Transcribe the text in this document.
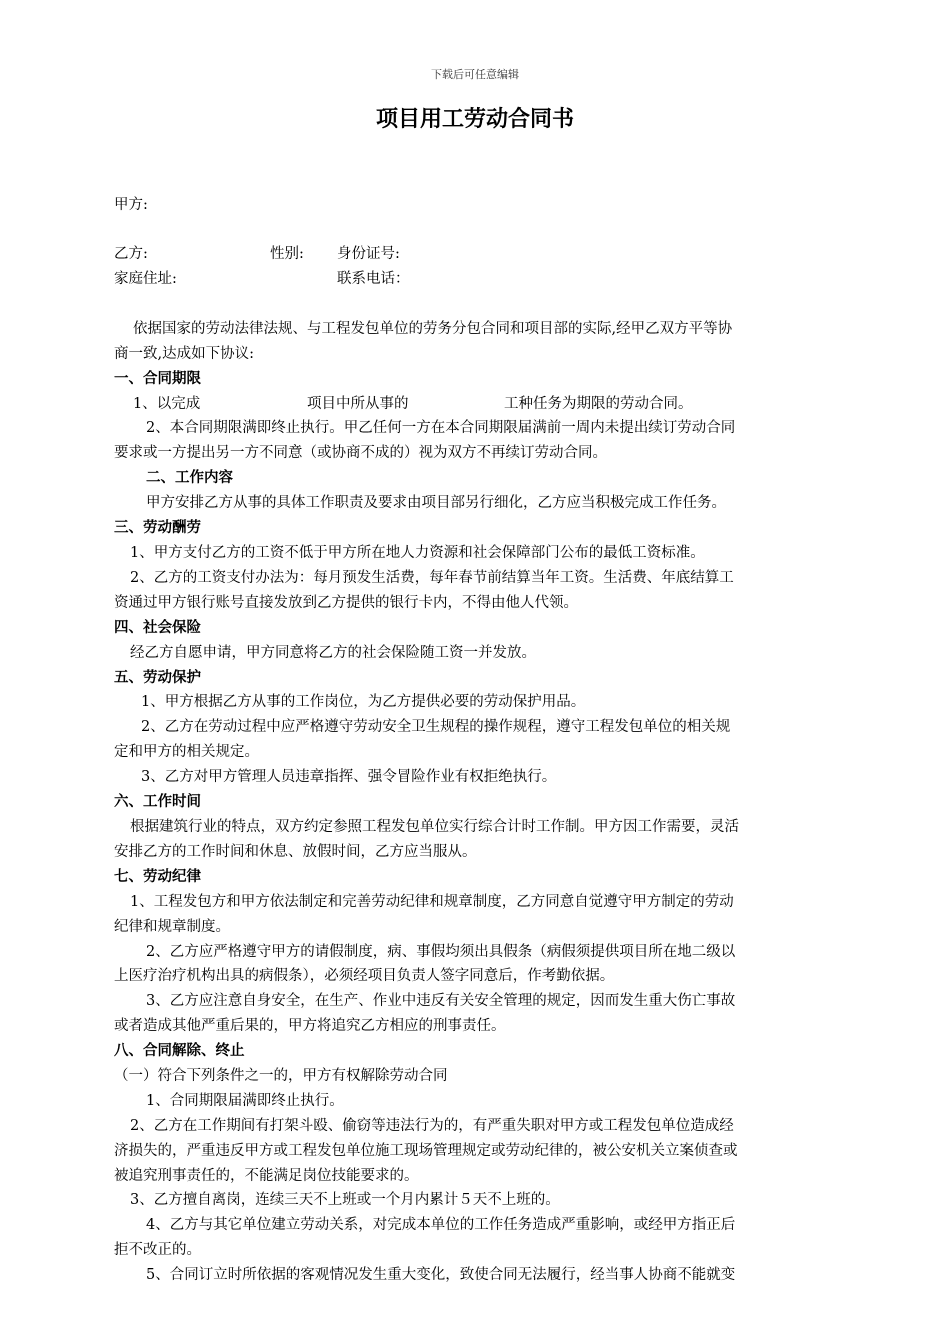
下载后可任意编辑
项目用工劳动合同书
甲方:
乙方:	性别: 身份证号:
家庭住址:	联系电话：
依据国家的劳动法律法规、与工程发包单位的劳务分包合同和项目部的实际,经甲乙双方平等协
商一致,达成如下协议:
一、合同期限
1、以完成	项目中所从事的	工种任务为期限的劳动合同。
2、本合同期限满即终止执行。甲乙任何一方在本合同期限届满前一周内未提出续订劳动合同
要求或一方提出另一方不同意（或协商不成的）视为双方不再续订劳动合同。
二、工作内容
甲方安排乙方从事的具体工作职责及要求由项目部另行细化，乙方应当积极完成工作任务。
三、劳动酬劳
1、甲方支付乙方的工资不低于甲方所在地人力资源和社会保障部门公布的最低工资标准。
2、乙方的工资支付办法为：每月预发生活费，每年春节前结算当年工资。生活费、年底结算工
资通过甲方银行账号直接发放到乙方提供的银行卡内，不得由他人代领。
四、社会保险
经乙方自愿申请，甲方同意将乙方的社会保险随工资一并发放。
五、劳动保护
1、甲方根据乙方从事的工作岗位，为乙方提供必要的劳动保护用品。
2、乙方在劳动过程中应严格遵守劳动安全卫生规程的操作规程，遵守工程发包单位的相关规
定和甲方的相关规定。
3、乙方对甲方管理人员违章指挥、强令冒险作业有权拒绝执行。
六、工作时间
根据建筑行业的特点，双方约定参照工程发包单位实行综合计时工作制。甲方因工作需要，灵活
安排乙方的工作时间和休息、放假时间，乙方应当服从。
七、劳动纪律
1、工程发包方和甲方依法制定和完善劳动纪律和规章制度，乙方同意自觉遵守甲方制定的劳动
纪律和规章制度。
2、乙方应严格遵守甲方的请假制度，病、事假均须出具假条（病假须提供项目所在地二级以
上医疗治疗机构出具的病假条），必须经项目负责人签字同意后，作考勤依据。
3、乙方应注意自身安全，在生产、作业中违反有关安全管理的规定，因而发生重大伤亡事故
或者造成其他严重后果的，甲方将追究乙方相应的刑事责任。
八、合同解除、终止
（一）符合下列条件之一的，甲方有权解除劳动合同
1、合同期限届满即终止执行。
2、乙方在工作期间有打架斗殴、偷窃等违法行为的，有严重失职对甲方或工程发包单位造成经
济损失的，严重违反甲方或工程发包单位施工现场管理规定或劳动纪律的，被公安机关立案侦查或
被追究刑事责任的，不能满足岗位技能要求的。
3、乙方擅自离岗，连续三天不上班或一个月内累计５天不上班的。
4、乙方与其它单位建立劳动关系，对完成本单位的工作任务造成严重影响，或经甲方指正后
拒不改正的。
5、合同订立时所依据的客观情况发生重大变化，致使合同无法履行，经当事人协商不能就变
